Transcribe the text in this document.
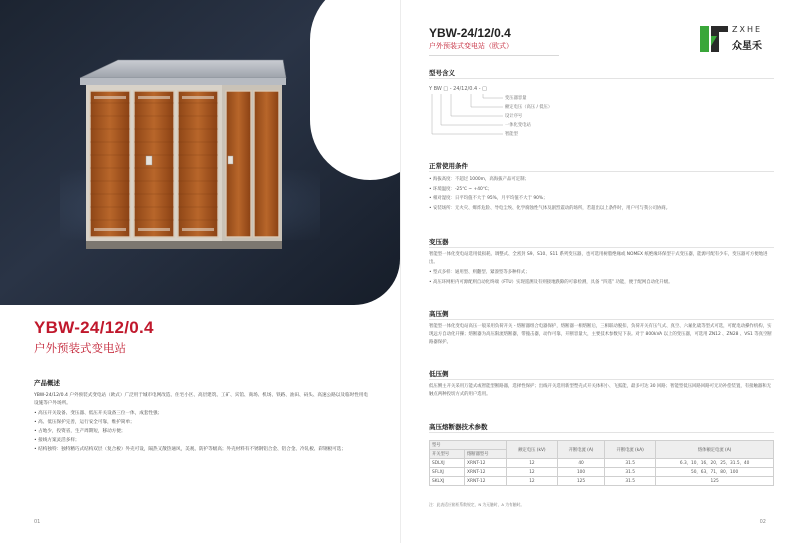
YBW-24/12/0.4
户外预装式变电站
产品概述
YBW-24/12/0.4 户外预装式变电站（欧式）广泛用于城市电网改造、住宅小区、高层建筑、工矿、宾馆、商场、机场、铁路、油田、码头、高速公路以及临时性用电设施等户外场所。
• 高压开关设备、变压器、低压开关设备三位一体，成套性强；
• 高、低压保护完善，运行安全可靠，维护简单；
• 占地少，投资省，生产周期短，移动方便；
• 接线方案灵活多样；
• 结构独特：独特精巧式结构双层（复合板）外壳可设，隔热又散热通风，美观、防护等级高；外壳材料有不锈钢铝合金、铝合金、冷轧板、彩钢板可选；
01
YBW-24/12/0.4
户外预装式变电站（欧式）
ZXHE
众星禾
型号含义
Y BW □ - 24/12/0.4 - □
变压器容量
额定电压（高压 / 低压）
设计序号
一体化变电站
智能型
正常使用条件
• 海拔高度：不超过 1000m，高海拔产品可定制；
• 环境温度：-25℃ ~ +40℃；
• 相对湿度：日平均值不大于 95%，月平均值不大于 90%；
• 安装场所：无火灾、爆炸危险、导电尘埃、化学腐蚀性气体及剧烈震动的场所，若超出以上条件时，用户可与我公司协商。
变压器
智能型一体化变电站选用低损耗、调整式、全密封 S9、S10、S11 系列变压器，也可选用树脂绝缘或 NOMEX 纸绝缘环保型干式变压器，能源可配有少车，变压器可方便地进出。
• 型式多样：通用型、则翻型、紧凑型等多种样式；
• 高压环网柜内可源配则自动化终端（FTU）实现遥测及有则接地跌隙的可靠检测，具备 “四遥” 功能，便于配网自动化升级。
高压侧
智能型一体化变电站高压一般采用负荷开关 - 熔断器组合电器保护，熔断器一相熔断后，三相联动脱扣，负荷开关有压气式、真空、六氟化硫等型式可选，可配电动操作机构，实现远方自动化开操；熔断器为高压限流熔断器，带撞击器，动作可靠，开断容量大，主要技术参数见下表。对于 800kVA 以上的变压器，可选用 ZN12 、ZN28 、VS1 等真空断路器保护。
低压侧
低压侧主开关采用万能式或智能型断路器，选择性保护；出线开关选用新型塑壳式开关体积小、飞弧能，最多可达 30 回路；智能型低压回路回路可无功补偿装置，有接触器和无触点两种投切方式的用户选用。
高压熔断器技术参数
型号		额定电压 (kV)	开断电流 (A)	开断电流 (kA)	熔体额定电流 (A)
开关型号	熔断器型号				
SDLXJ	XRNT-12	12	40	31.5	6.3，10，16，20，25，31.5，40
SFLXJ	XRNT-12	12	100	31.5	50，63，71，80，100
SKLXJ	XRNT-12	12	125	31.5	125
注：此表适应箱柜系数规定，N 为无触时，A 为有触时。
02
